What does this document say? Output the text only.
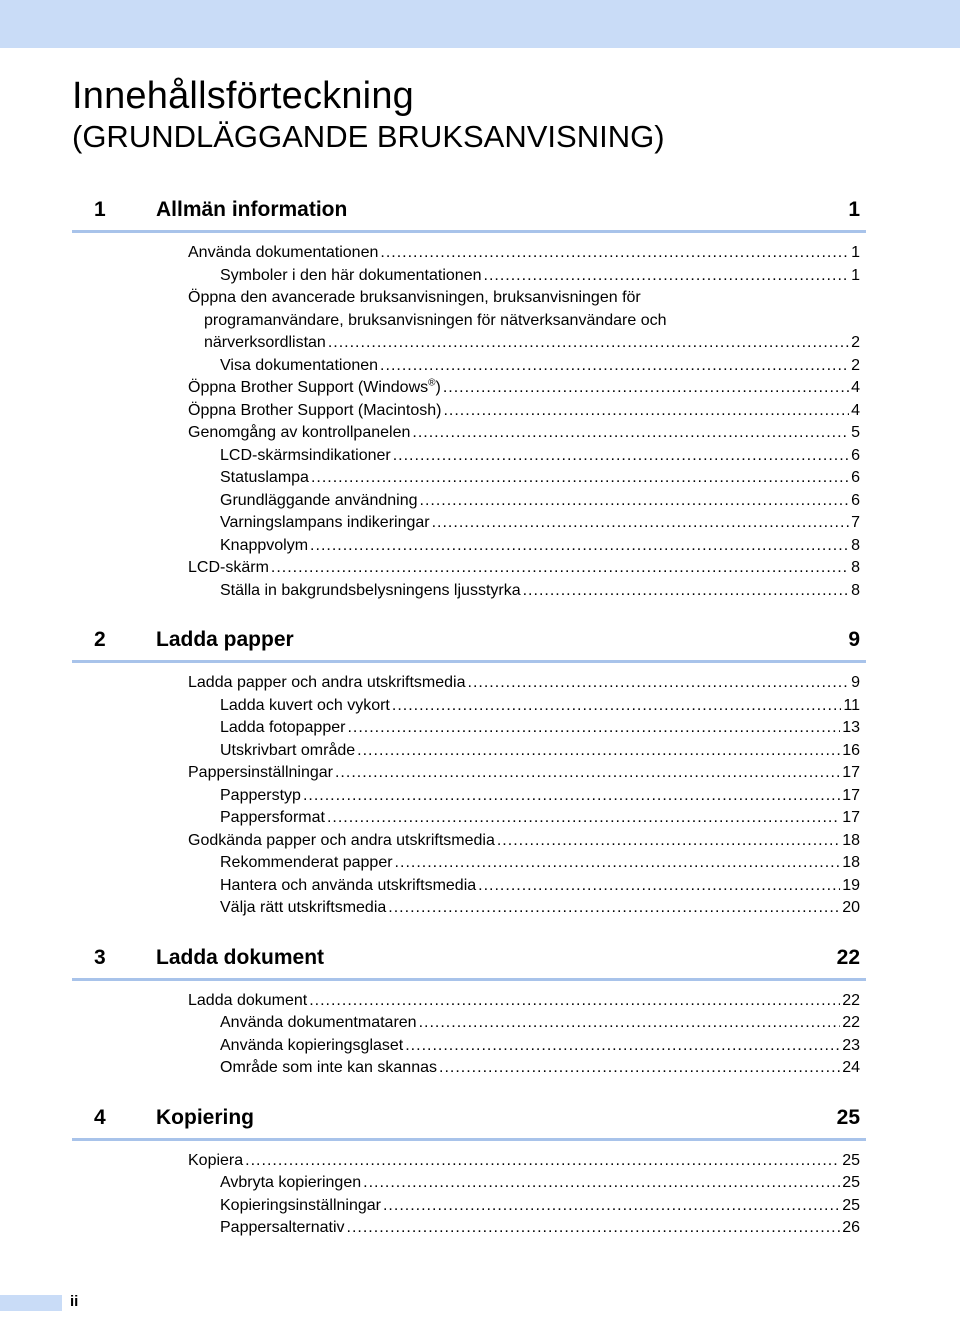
Innehållsförteckning
(GRUNDLÄGGANDE BRUKSANVISNING)
1 Allmän information	1
Använda dokumentationen .....	1
Symboler i den här dokumentationen .....	1
Öppna den avancerade bruksanvisningen, bruksanvisningen för
programanvändare, bruksanvisningen för nätverksanvändare och
närverksordlistan .....	2
Visa dokumentationen .....	2
Öppna Brother Support (Windows®) .....	4
Öppna Brother Support (Macintosh) .....	4
Genomgång av kontrollpanelen .....	5
LCD-skärmsindikationer .....	6
Statuslampa .....	6
Grundläggande användning .....	6
Varningslampans indikeringar .....	7
Knappvolym .....	8
LCD-skärm .....	8
Ställa in bakgrundsbelysningens ljusstyrka .....	8
2 Ladda papper	9
Ladda papper och andra utskriftsmedia .....	9
Ladda kuvert och vykort .....	11
Ladda fotopapper .....	13
Utskrivbart område .....	16
Pappersinställningar .....	17
Papperstyp .....	17
Pappersformat .....	17
Godkända papper och andra utskriftsmedia .....	18
Rekommenderat papper .....	18
Hantera och använda utskriftsmedia .....	19
Välja rätt utskriftsmedia .....	20
3 Ladda dokument	22
Ladda dokument .....	22
Använda dokumentmataren .....	22
Använda kopieringsglaset .....	23
Område som inte kan skannas .....	24
4 Kopiering	25
Kopiera .....	25
Avbryta kopieringen .....	25
Kopieringsinställningar .....	25
Pappersalternativ .....	26
ii
